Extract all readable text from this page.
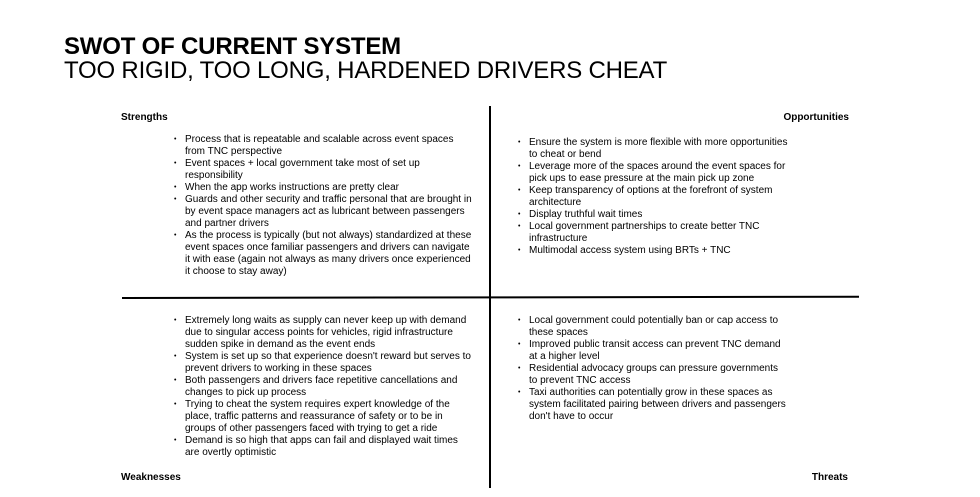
SWOT OF CURRENT SYSTEM
TOO RIGID, TOO LONG, HARDENED DRIVERS CHEAT
Strengths	Opportunities
Weaknesses	Threats
• Process that is repeatable and scalable across event spaces from TNC perspective
• Event spaces + local government take most of set up responsibility
• When the app works instructions are pretty clear
• Guards and other security and traffic personal that are brought in by event space managers act as lubricant between passengers and partner drivers
• As the process is typically (but not always) standardized at these event spaces once familiar passengers and drivers can navigate it with ease (again not always as many drivers once experienced it choose to stay away)
• Ensure the system is more flexible with more opportunities to cheat or bend
• Leverage more of the spaces around the event spaces for pick ups to ease pressure at the main pick up zone
• Keep transparency of options at the forefront of system architecture
• Display truthful wait times
• Local government partnerships to create better TNC infrastructure
• Multimodal access system using BRTs + TNC
• Extremely long waits as supply can never keep up with demand due to singular access points for vehicles, rigid infrastructure sudden spike in demand as the event ends
• System is set up so that experience doesn't reward but serves to prevent drivers to working in these spaces
• Both passengers and drivers face repetitive cancellations and changes to pick up process
• Trying to cheat the system requires expert knowledge of the place, traffic patterns and reassurance of safety or to be in groups of other passengers faced with trying to get a ride
• Demand is so high that apps can fail and displayed wait times are overtly optimistic
• Local government could potentially ban or cap access to these spaces
• Improved public transit access can prevent TNC demand at a higher level
• Residential advocacy groups can pressure governments to prevent TNC access
• Taxi authorities can potentially grow in these spaces as system facilitated pairing between drivers and passengers don't have to occur
